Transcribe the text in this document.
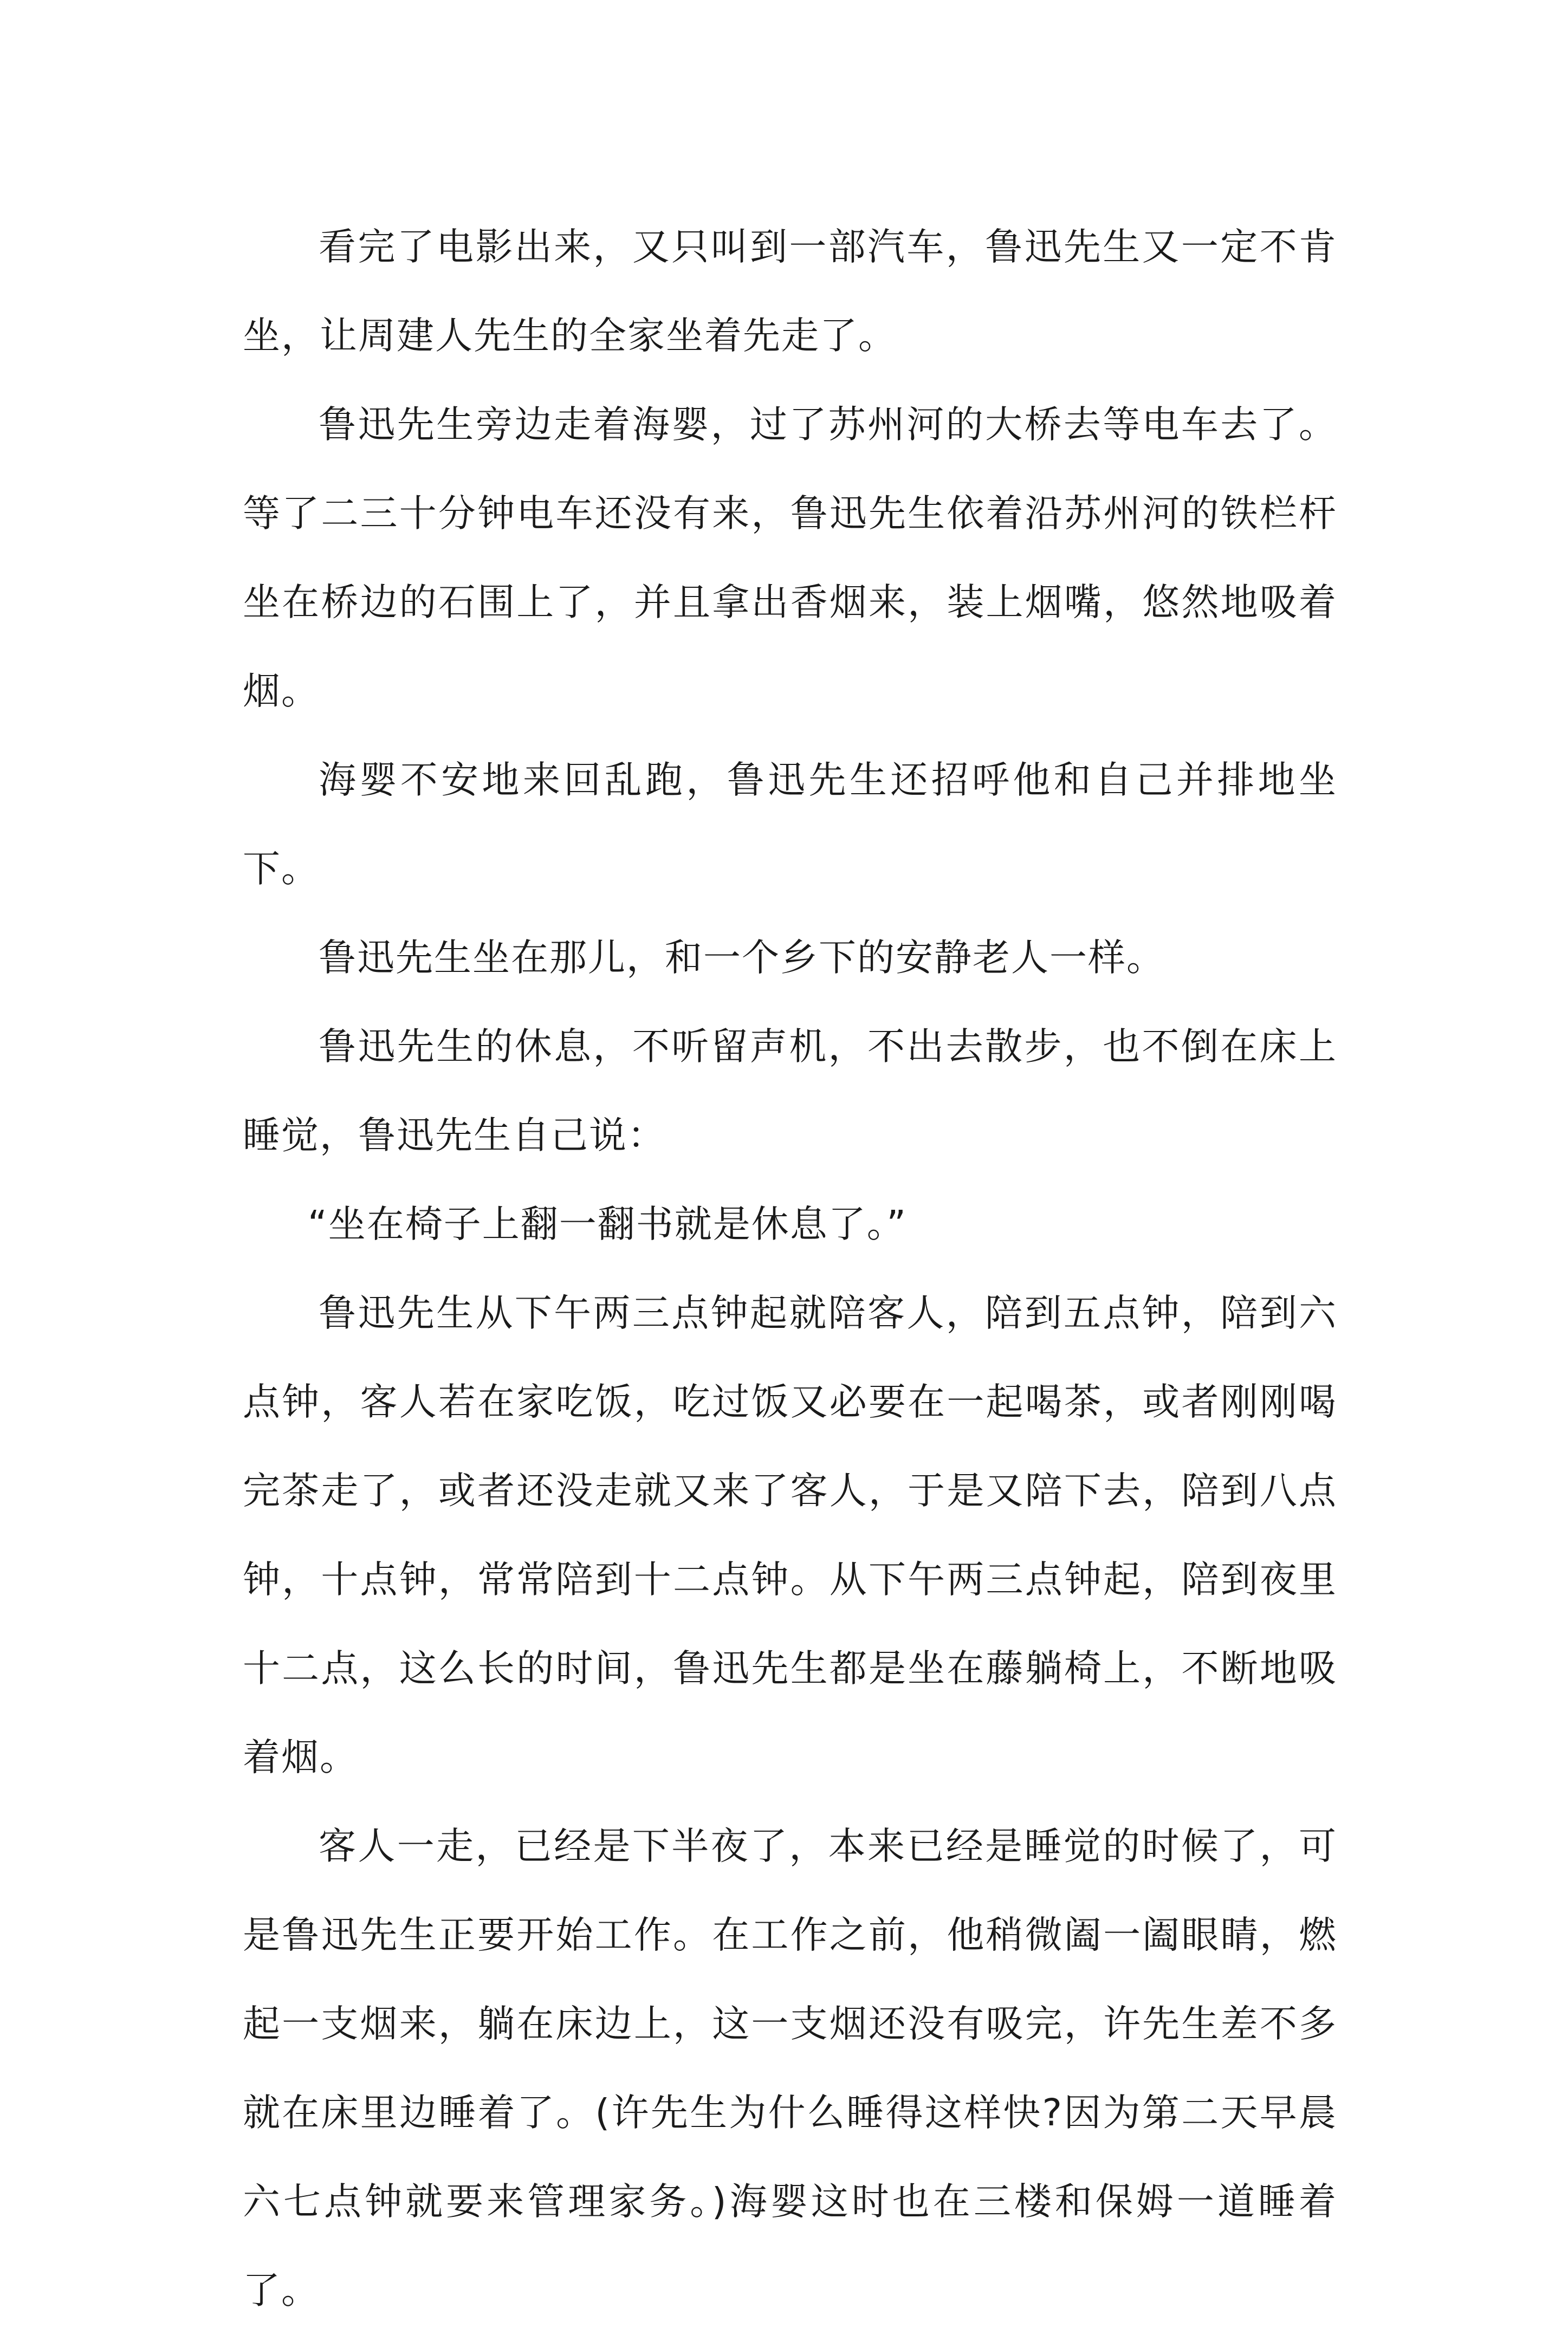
看完了电影出来，又只叫到一部汽车，鲁迅先生又一定不肯坐，让周建人先生的全家坐着先走了。

鲁迅先生旁边走着海婴，过了苏州河的大桥去等电车去了。等了二三十分钟电车还没有来，鲁迅先生依着沿苏州河的铁栏杆坐在桥边的石围上了，并且拿出香烟来，装上烟嘴，悠然地吸着烟。

海婴不安地来回乱跑，鲁迅先生还招呼他和自己并排地坐下。

鲁迅先生坐在那儿，和一个乡下的安静老人一样。

鲁迅先生的休息，不听留声机，不出去散步，也不倒在床上睡觉，鲁迅先生自己说：

“坐在椅子上翻一翻书就是休息了。”

鲁迅先生从下午两三点钟起就陪客人，陪到五点钟，陪到六点钟，客人若在家吃饭，吃过饭又必要在一起喝茶，或者刚刚喝完茶走了，或者还没走就又来了客人，于是又陪下去，陪到八点钟，十点钟，常常陪到十二点钟。从下午两三点钟起，陪到夜里十二点，这么长的时间，鲁迅先生都是坐在藤躺椅上，不断地吸着烟。

客人一走，已经是下半夜了，本来已经是睡觉的时候了，可是鲁迅先生正要开始工作。在工作之前，他稍微阖一阖眼睛，燃起一支烟来，躺在床边上，这一支烟还没有吸完，许先生差不多就在床里边睡着了。(许先生为什么睡得这样快?因为第二天早晨六七点钟就要来管理家务。)海婴这时也在三楼和保姆一道睡着了。
